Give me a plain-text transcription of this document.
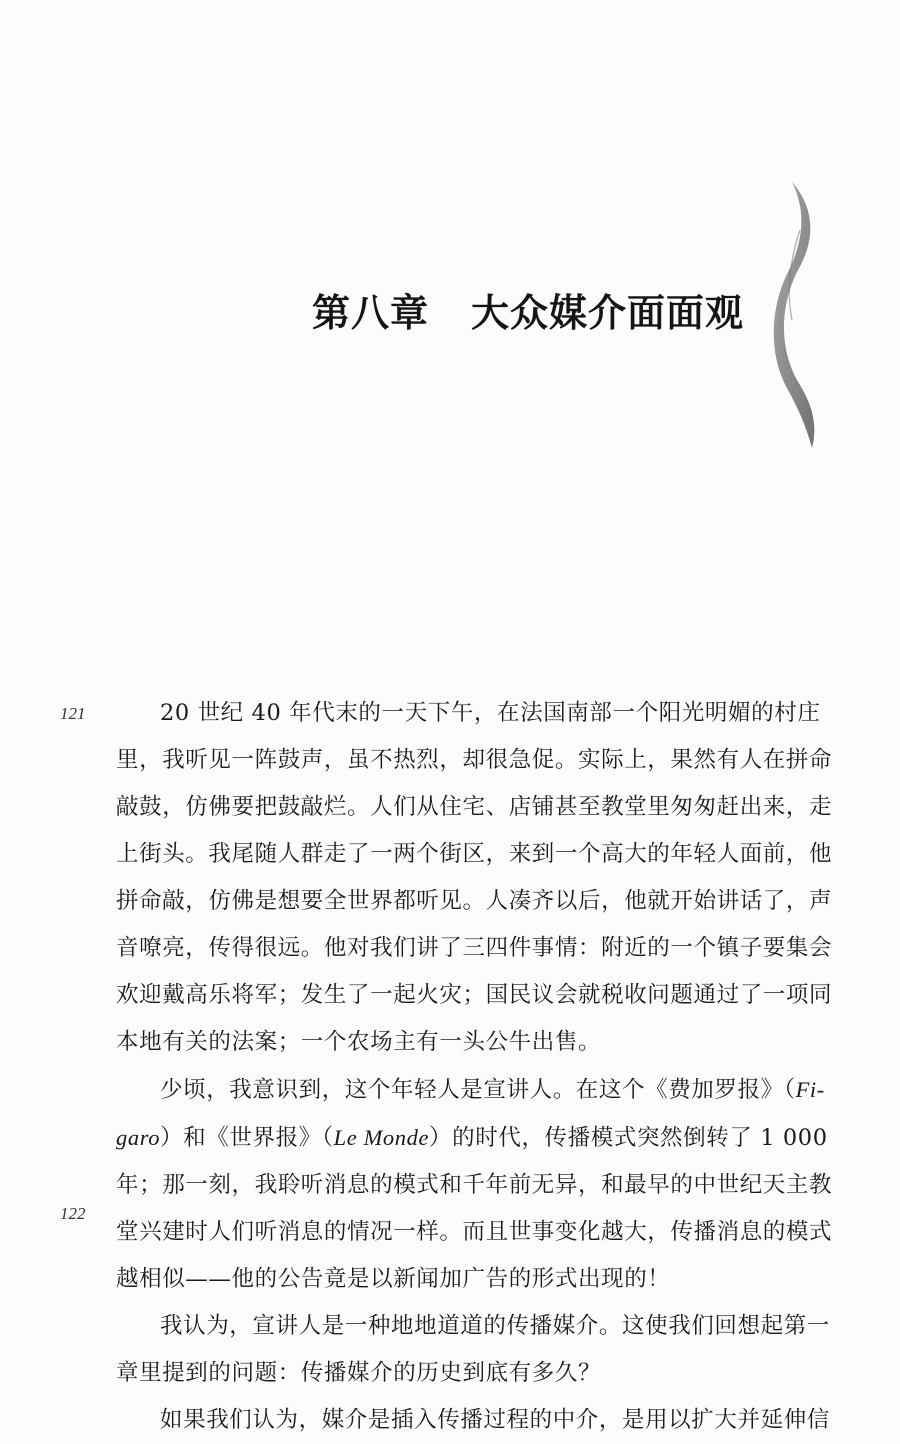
第八章 大众媒介面面观
121
122

20 世纪 40 年代末的一天下午，在法国南部一个阳光明媚的村庄
里，我听见一阵鼓声，虽不热烈，却很急促。实际上，果然有人在拼命
敲鼓，仿佛要把鼓敲烂。人们从住宅、店铺甚至教堂里匆匆赶出来，走
上街头。我尾随人群走了一两个街区，来到一个高大的年轻人面前，他
拼命敲，仿佛是想要全世界都听见。人凑齐以后，他就开始讲话了，声
音嘹亮，传得很远。他对我们讲了三四件事情：附近的一个镇子要集会
欢迎戴高乐将军；发生了一起火灾；国民议会就税收问题通过了一项同
本地有关的法案；一个农场主有一头公牛出售。

少顷，我意识到，这个年轻人是宣讲人。在这个《费加罗报》（Fi-
garo）和《世界报》（Le Monde）的时代，传播模式突然倒转了 1 000
年；那一刻，我聆听消息的模式和千年前无异，和最早的中世纪天主教
堂兴建时人们听消息的情况一样。而且世事变化越大，传播消息的模式
越相似——他的公告竟是以新闻加广告的形式出现的！

我认为，宣讲人是一种地地道道的传播媒介。这使我们回想起第一
章里提到的问题：传播媒介的历史到底有多久？

如果我们认为，媒介是插入传播过程的中介，是用以扩大并延伸信
